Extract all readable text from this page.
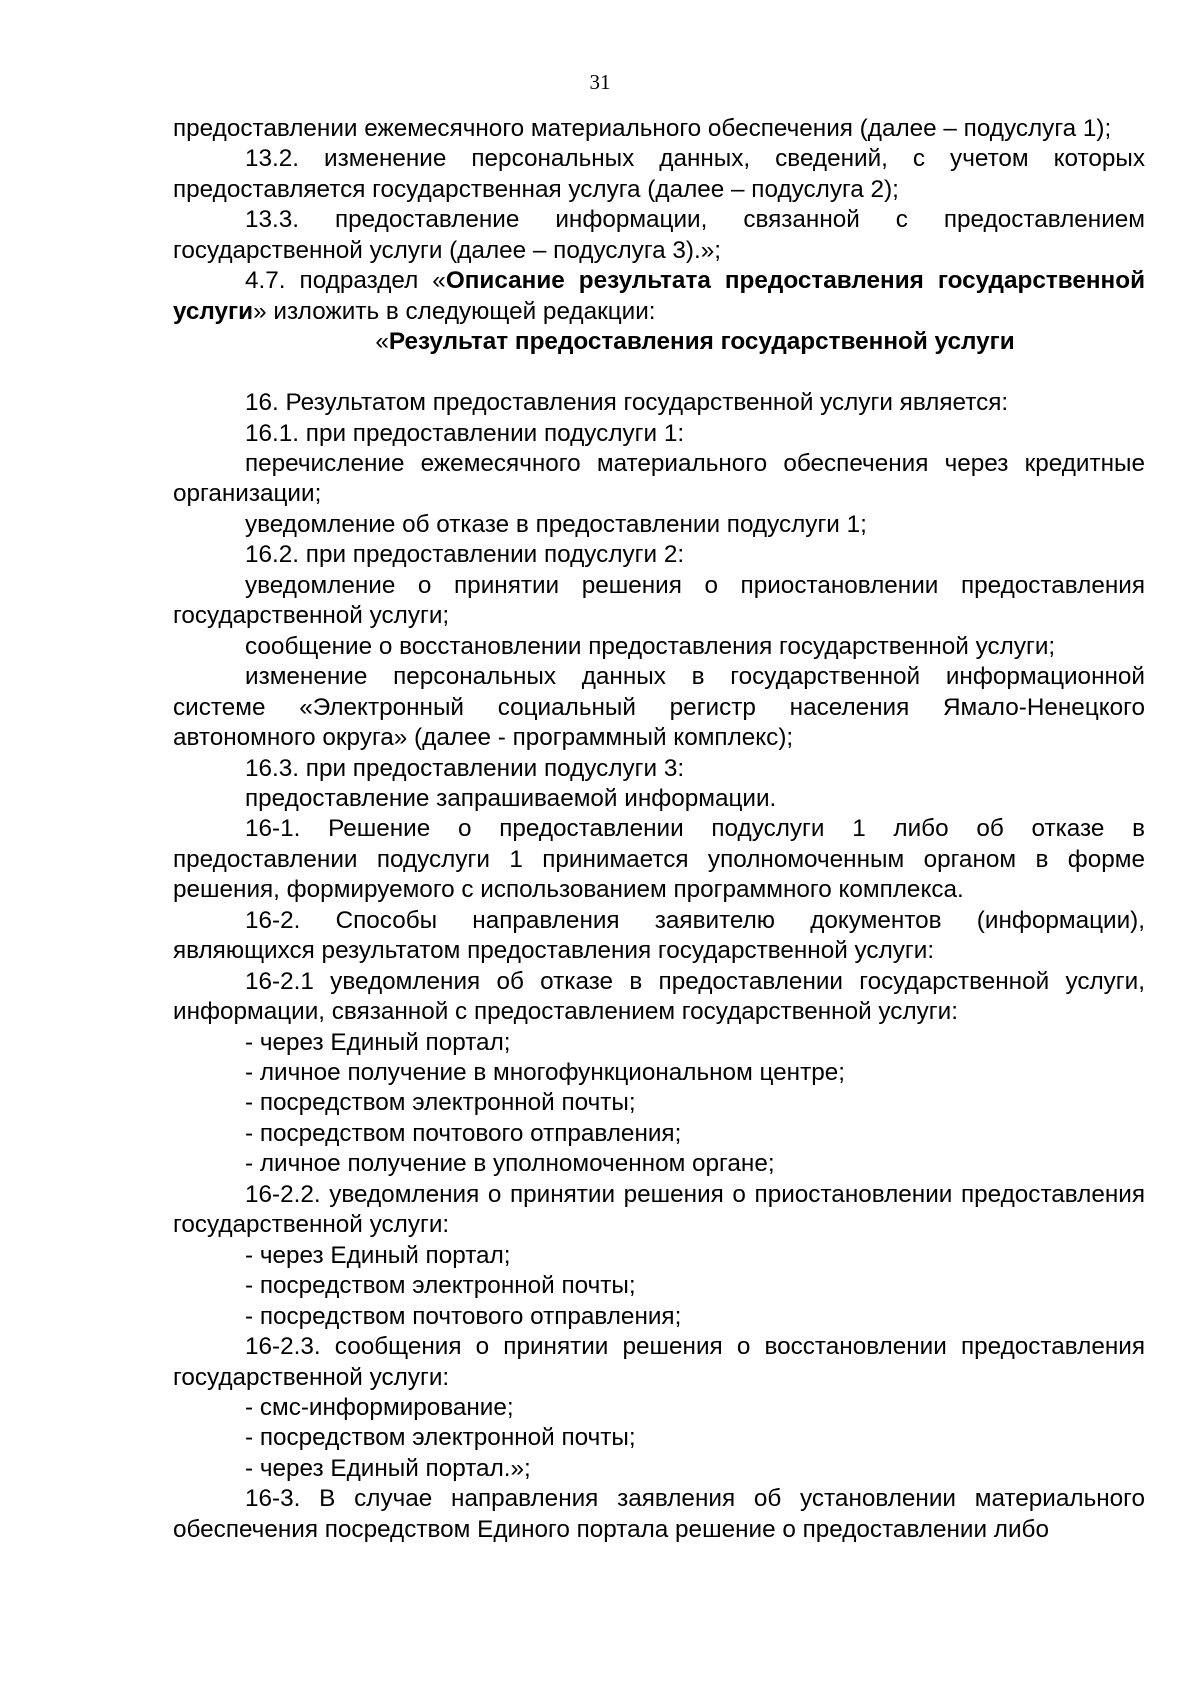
31

предоставлении ежемесячного материального обеспечения (далее – подуслуга 1);

13.2. изменение персональных данных, сведений, с учетом которых предоставляется государственная услуга (далее – подуслуга 2);

13.3. предоставление информации, связанной с предоставлением государственной услуги (далее – подуслуга 3).»;

4.7. подраздел «Описание результата предоставления государственной услуги» изложить в следующей редакции:

«Результат предоставления государственной услуги

16. Результатом предоставления государственной услуги является:

16.1. при предоставлении подуслуги 1:

перечисление ежемесячного материального обеспечения через кредитные организации;

уведомление об отказе в предоставлении подуслуги 1;

16.2. при предоставлении подуслуги 2:

уведомление о принятии решения о приостановлении предоставления государственной услуги;

сообщение о восстановлении предоставления государственной услуги;

изменение персональных данных в государственной информационной системе «Электронный социальный регистр населения Ямало-Ненецкого автономного округа» (далее - программный комплекс);

16.3. при предоставлении подуслуги 3:

предоставление запрашиваемой информации.

16-1. Решение о предоставлении подуслуги 1 либо об отказе в предоставлении подуслуги 1 принимается уполномоченным органом в форме решения, формируемого с использованием программного комплекса.

16-2. Способы направления заявителю документов (информации), являющихся результатом предоставления государственной услуги:

16-2.1 уведомления об отказе в предоставлении государственной услуги, информации, связанной с предоставлением государственной услуги:

- через Единый портал;

- личное получение в многофункциональном центре;

- посредством электронной почты;

- посредством почтового отправления;

- личное получение в уполномоченном органе;

16-2.2. уведомления о принятии решения о приостановлении предоставления государственной услуги:

- через Единый портал;

- посредством электронной почты;

- посредством почтового отправления;

16-2.3. сообщения о принятии решения о восстановлении предоставления государственной услуги:

- смс-информирование;

- посредством электронной почты;

- через Единый портал.»;

16-3. В случае направления заявления об установлении материального обеспечения посредством Единого портала решение о предоставлении либо
